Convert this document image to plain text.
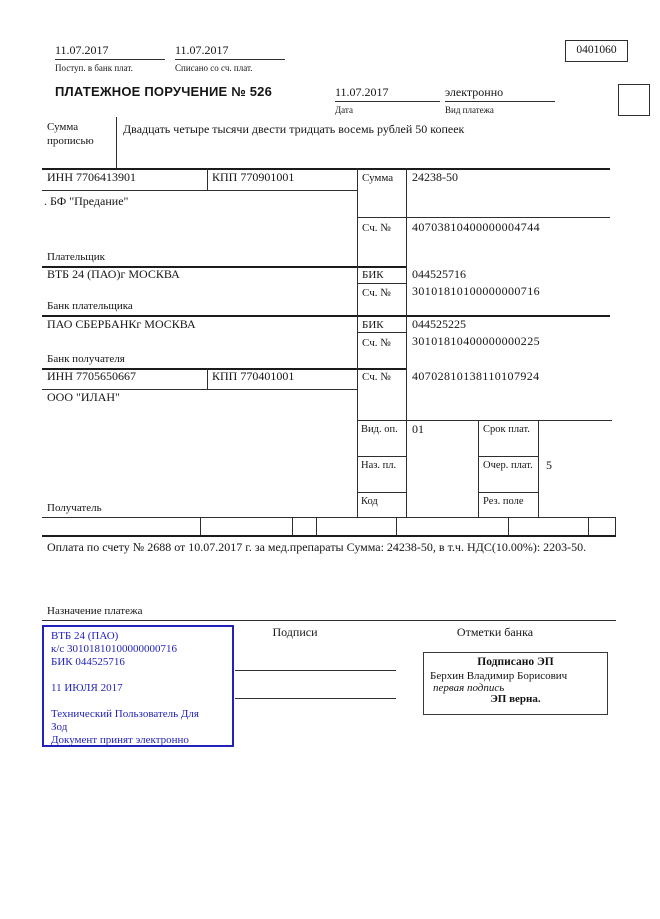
11.07.2017
Поступ. в банк плат.
11.07.2017
Списано со сч. плат.
0401060
ПЛАТЕЖНОЕ ПОРУЧЕНИЕ № 526	11.07.2017
Дата
электронно
Вид платежа
Сумма
прописью
Двадцать четыре тысячи двести тридцать восемь рублей 50 копеек
ИНН 7706413901	КПП 770901001
. БФ "Предание"
Плательщик
ВТБ 24 (ПАО)г МОСКВА
Банк плательщика
ПАО СБЕРБАНКг МОСКВА
Банк получателя
ИНН 7705650667	КПП 770401001
ООО "ИЛАН"
Получатель
Сумма 24238-50
Сч. № 40703810400000004744
БИК 044525716
Сч. № 30101810100000000716
БИК 044525225
Сч. № 30101810400000000225
Сч. № 40702810138110107924
Вид. оп. 01	Срок плат.
Наз. пл.	Очер. плат. 5
Код	Рез. поле
Оплата по счету № 2688 от 10.07.2017 г. за мед.препараты Сумма: 24238-50, в т.ч. НДС(10.00%): 2203-50.
Назначение платежа
ВТБ 24 (ПАО)
к/с 30101810100000000716
БИК 044525716
11 ИЮЛЯ 2017
Технический Пользователь Для
Зод
Документ принят электронно
Подписи	Отметки банка
Подписано ЭП
Берхин Владимир Борисович
первая подпись
ЭП верна.
